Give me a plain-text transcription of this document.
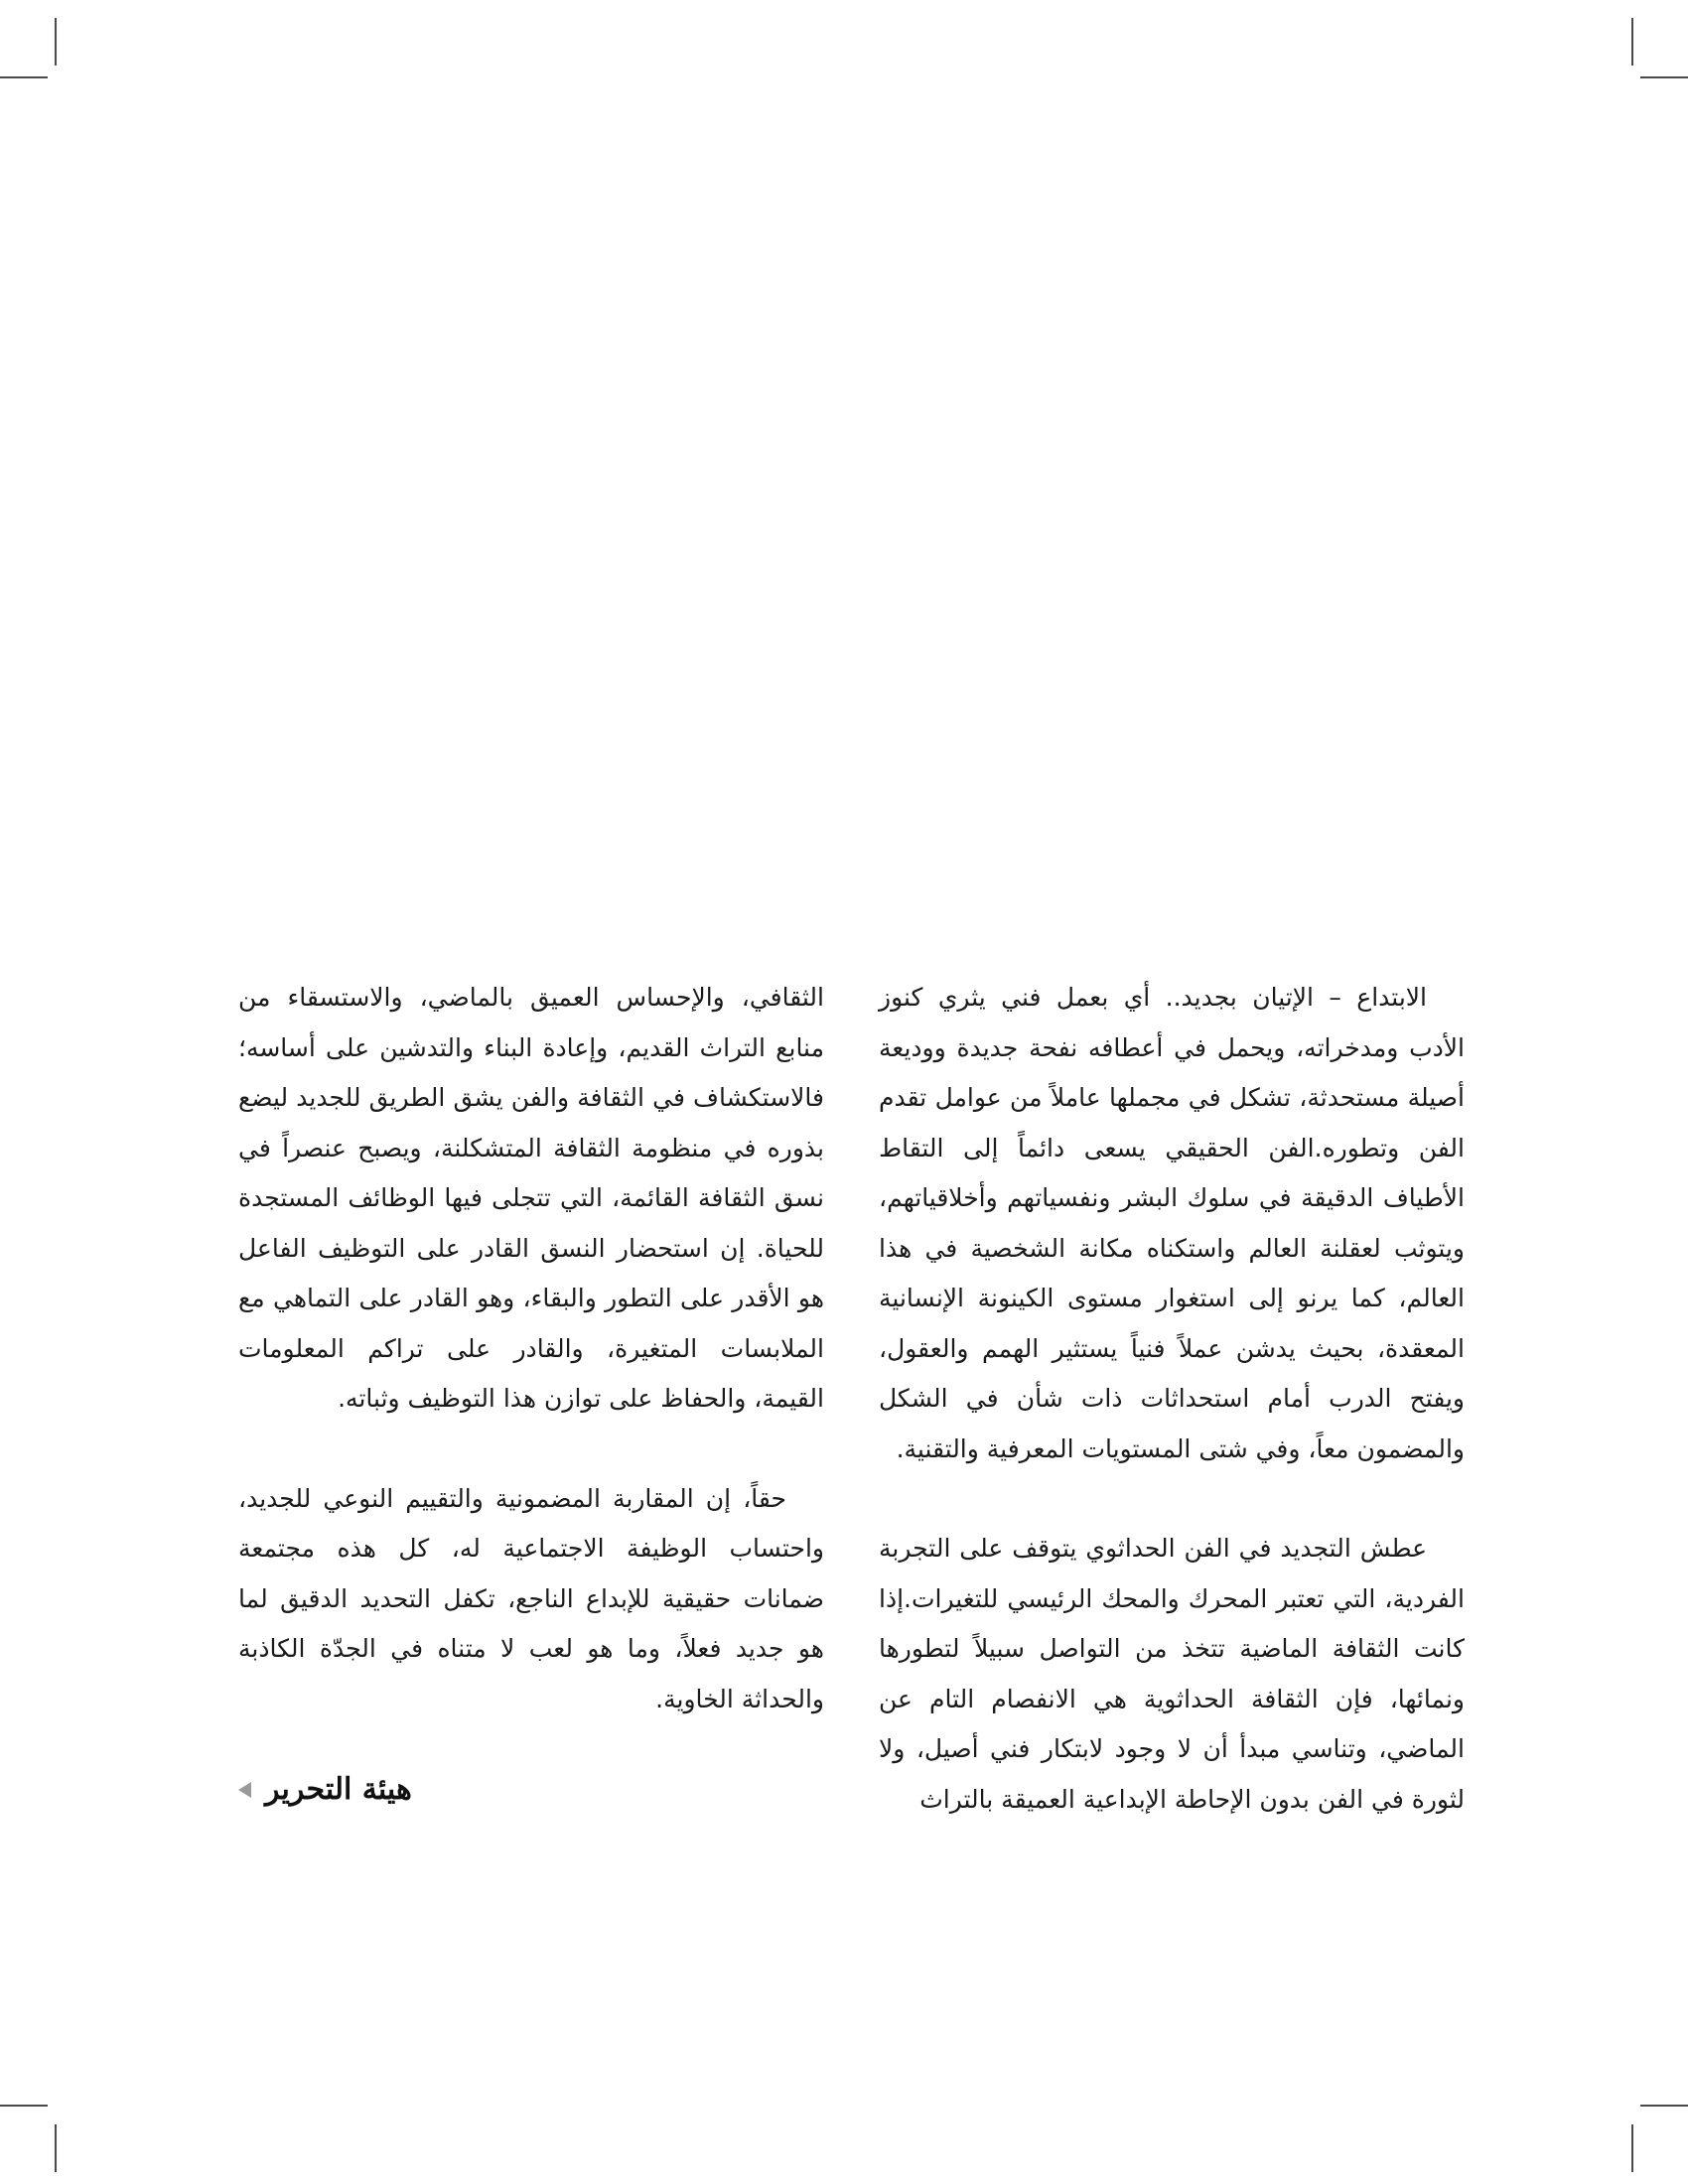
الابتداع – الإتيان بجديد.. أي بعمل فني يثري كنوز الأدب ومدخراته، ويحمل في أعطافه نفحة جديدة ووديعة أصيلة مستحدثة، تشكل في مجملها عاملاً من عوامل تقدم الفن وتطوره.الفن الحقيقي يسعى دائماً إلى التقاط الأطياف الدقيقة في سلوك البشر ونفسياتهم وأخلاقياتهم، ويتوثب لعقلنة العالم واستكناه مكانة الشخصية في هذا العالم، كما يرنو إلى استغوار مستوى الكينونة الإنسانية المعقدة، بحيث يدشن عملاً فنياً يستثير الهمم والعقول، ويفتح الدرب أمام استحداثات ذات شأن في الشكل والمضمون معاً، وفي شتى المستويات المعرفية والتقنية.

عطش التجديد في الفن الحداثوي يتوقف على التجربة الفردية، التي تعتبر المحرك والمحك الرئيسي للتغيرات.إذا كانت الثقافة الماضية تتخذ من التواصل سبيلاً لتطورها ونمائها، فإن الثقافة الحداثوية هي الانفصام التام عن الماضي، وتناسي مبدأ أن لا وجود لابتكار فني أصيل، ولا لثورة في الفن بدون الإحاطة الإبداعية العميقة بالتراث

الثقافي، والإحساس العميق بالماضي، والاستسقاء من منابع التراث القديم، وإعادة البناء والتدشين على أساسه؛ فالاستكشاف في الثقافة والفن يشق الطريق للجديد ليضع بذوره في منظومة الثقافة المتشكلنة، ويصبح عنصراً في نسق الثقافة القائمة، التي تتجلى فيها الوظائف المستجدة للحياة. إن استحضار النسق القادر على التوظيف الفاعل هو الأقدر على التطور والبقاء، وهو القادر على التماهي مع الملابسات المتغيرة، والقادر على تراكم المعلومات القيمة، والحفاظ على توازن هذا التوظيف وثباته.

حقاً، إن المقاربة المضمونية والتقييم النوعي للجديد، واحتساب الوظيفة الاجتماعية له، كل هذه مجتمعة ضمانات حقيقية للإبداع الناجع، تكفل التحديد الدقيق لما هو جديد فعلاً، وما هو لعب لا متناه في الجدّة الكاذبة والحداثة الخاوية.

هيئة التحرير
